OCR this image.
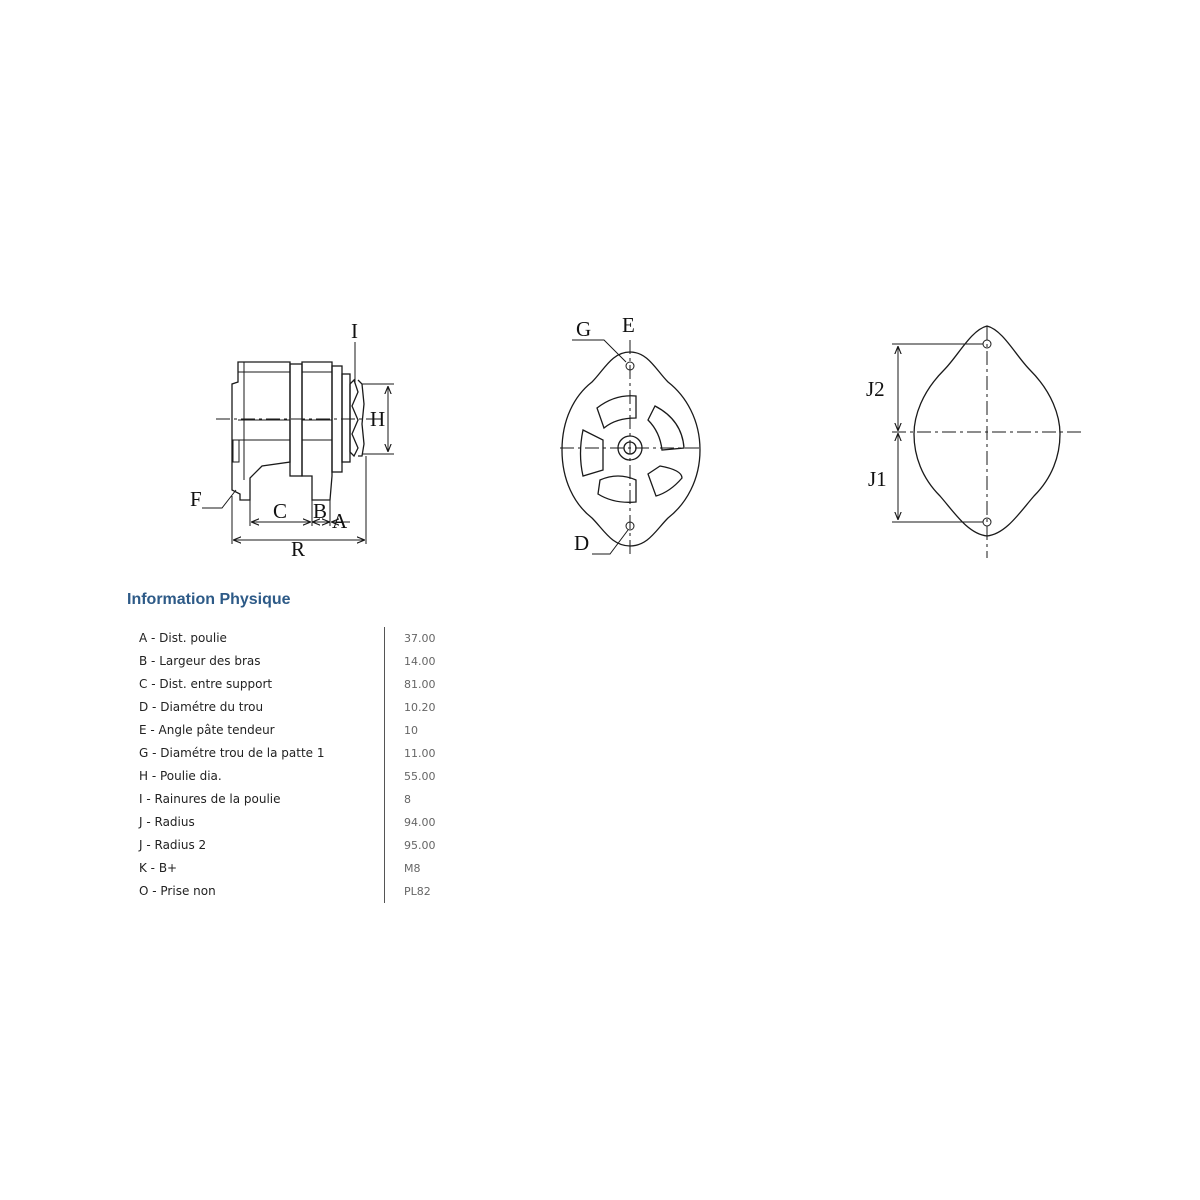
I
H
F	C B A
R
G E
D
J2
J1
Information Physique
A - Dist. poulie	37.00
B - Largeur des bras	14.00
C - Dist. entre support	81.00
D - Diamétre du trou	10.20
E - Angle pâte tendeur	10
G - Diamétre trou de la patte 1	11.00
H - Poulie dia.	55.00
I - Rainures de la poulie	8
J - Radius	94.00
J - Radius 2	95.00
K - B+	M8
O - Prise non	PL82
